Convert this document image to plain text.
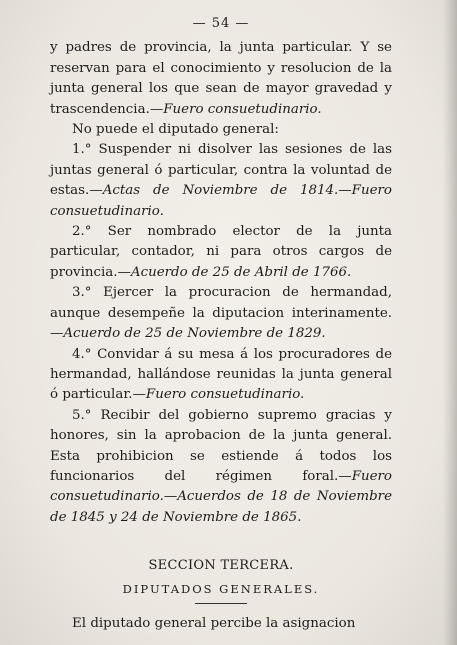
— 54 —

y padres de provincia, la junta particular. Y se reservan para el conocimiento y resolucion de la junta general los que sean de mayor gravedad y trascendencia.—Fuero consuetudinario.

No puede el diputado general:

1.° Suspender ni disolver las sesiones de las juntas general ó particular, contra la voluntad de estas.—Actas de Noviembre de 1814.—Fuero consuetudinario.

2.° Ser nombrado elector de la junta particular, contador, ni para otros cargos de provincia.—Acuerdo de 25 de Abril de 1766.

3.° Ejercer la procuracion de hermandad, aunque desempeñe la diputacion interinamente.—Acuerdo de 25 de Noviembre de 1829.

4.° Convidar á su mesa á los procuradores de hermandad, hallándose reunidas la junta general ó particular.—Fuero consuetudinario.

5.° Recibir del gobierno supremo gracias y honores, sin la aprobacion de la junta general. Esta prohibicion se estiende á todos los funcionarios del régimen foral.—Fuero consuetudinario.—Acuerdos de 18 de Noviembre de 1845 y 24 de Noviembre de 1865.

SECCION TERCERA.
DIPUTADOS GENERALES.

El diputado general percibe la asignacion
